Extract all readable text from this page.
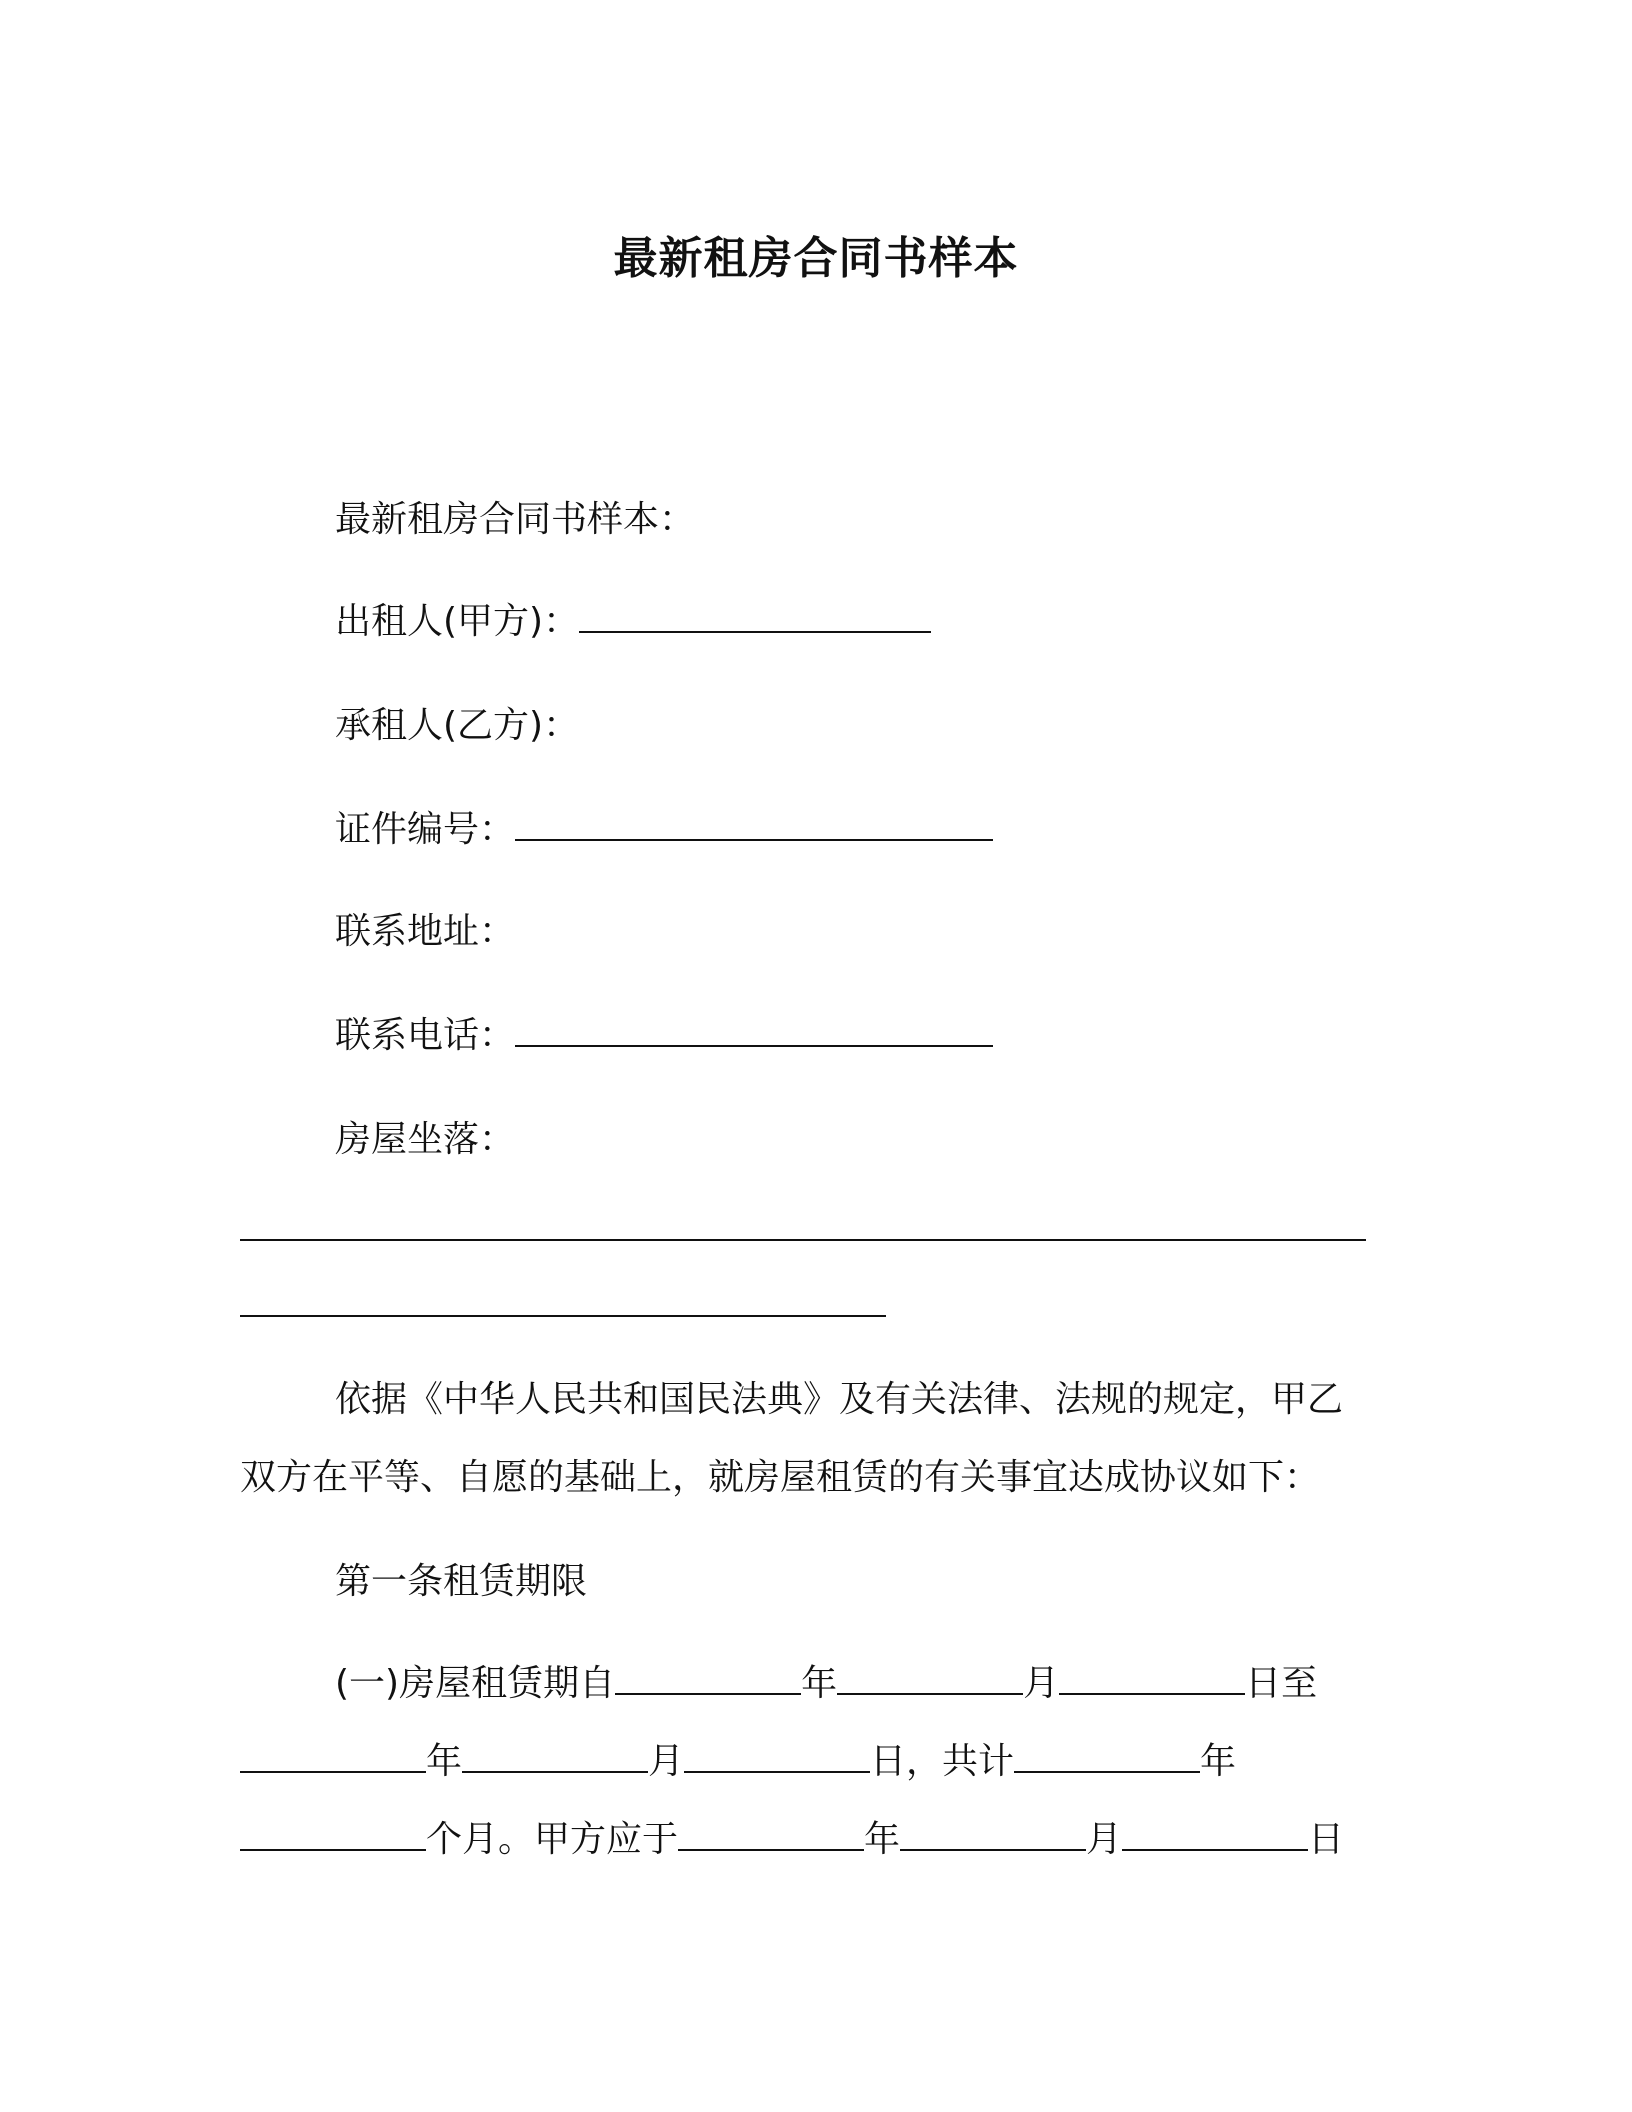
最新租房合同书样本
最新租房合同书样本：
出租人(甲方)：
承租人(乙方)：
证件编号：
联系地址：
联系电话：
房屋坐落：
依据《中华人民共和国民法典》及有关法律、法规的规定，甲乙
双方在平等、自愿的基础上，就房屋租赁的有关事宜达成协议如下：
第一条租赁期限
(一)房屋租赁期自	年	月	日至
年	月	日，共计	年
个月。甲方应于	年	月	日
